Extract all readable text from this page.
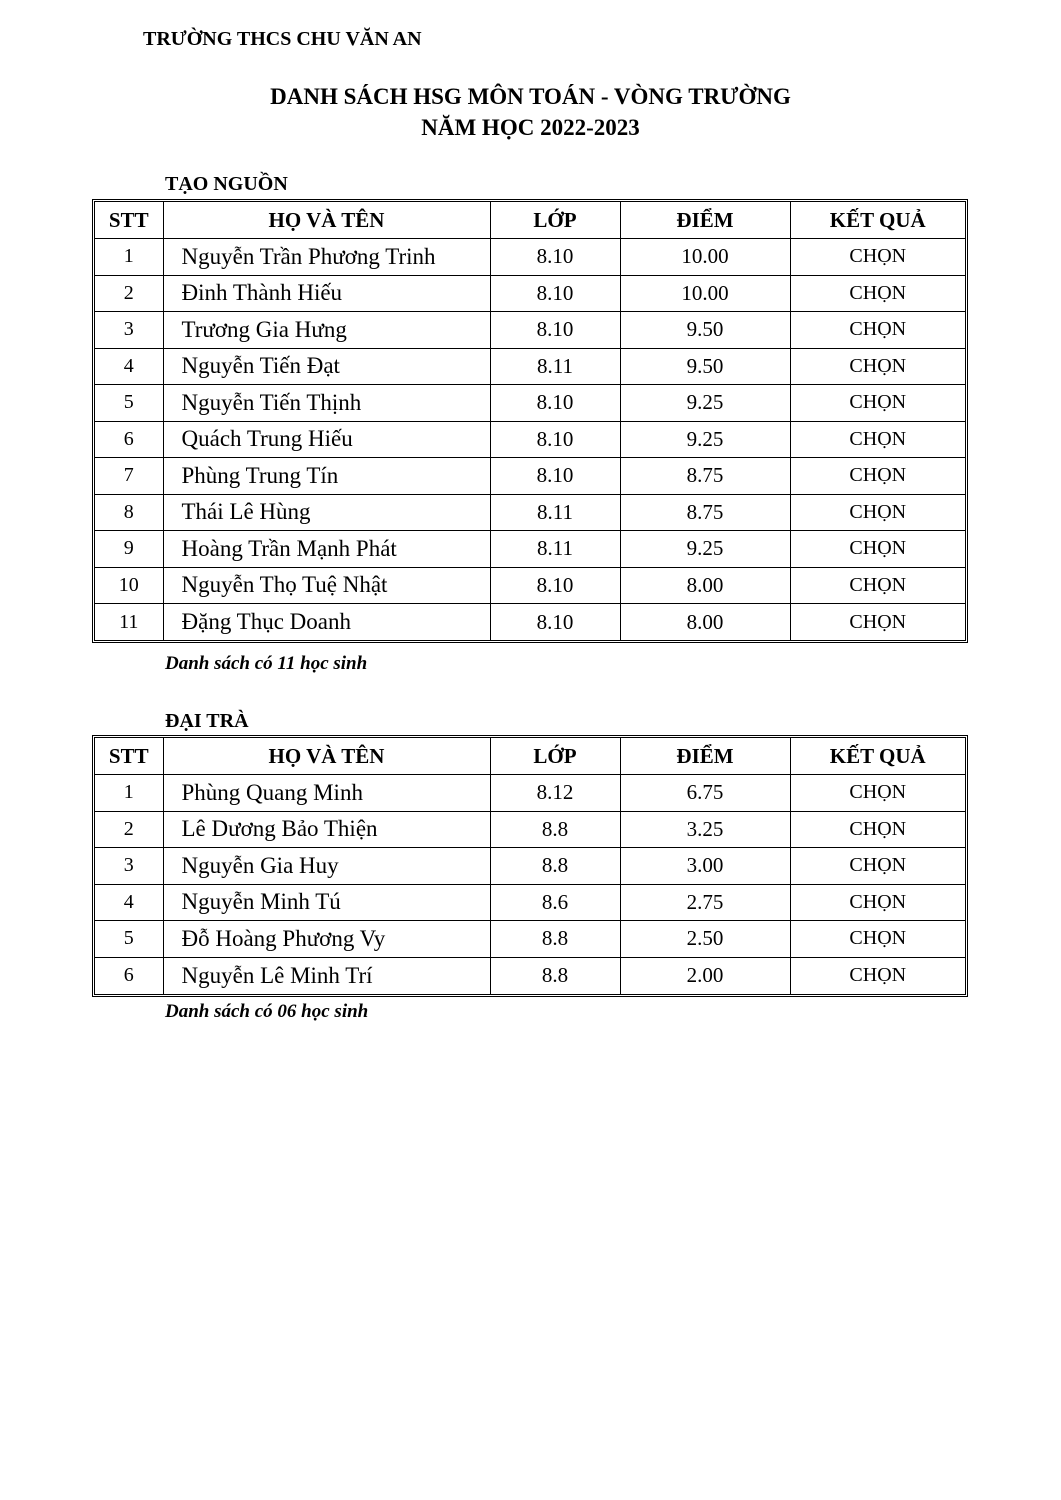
TRƯỜNG THCS CHU VĂN AN
DANH SÁCH HSG MÔN TOÁN - VÒNG TRƯỜNG
NĂM HỌC 2022-2023
TẠO NGUỒN
STT	HỌ VÀ TÊN	LỚP	ĐIỂM	KẾT QUẢ
1	Nguyễn Trần Phương Trinh	8.10	10.00	CHỌN
2	Đinh Thành Hiếu	8.10	10.00	CHỌN
3	Trương Gia Hưng	8.10	9.50	CHỌN
4	Nguyễn Tiến Đạt	8.11	9.50	CHỌN
5	Nguyễn Tiến Thịnh	8.10	9.25	CHỌN
6	Quách Trung Hiếu	8.10	9.25	CHỌN
7	Phùng Trung Tín	8.10	8.75	CHỌN
8	Thái Lê Hùng	8.11	8.75	CHỌN
9	Hoàng Trần Mạnh Phát	8.11	9.25	CHỌN
10	Nguyễn Thọ Tuệ Nhật	8.10	8.00	CHỌN
11	Đặng Thục Doanh	8.10	8.00	CHỌN
Danh sách có 11 học sinh
ĐẠI TRÀ
STT	HỌ VÀ TÊN	LỚP	ĐIỂM	KẾT QUẢ
1	Phùng Quang Minh	8.12	6.75	CHỌN
2	Lê Dương Bảo Thiện	8.8	3.25	CHỌN
3	Nguyễn Gia Huy	8.8	3.00	CHỌN
4	Nguyễn Minh Tú	8.6	2.75	CHỌN
5	Đỗ Hoàng Phương Vy	8.8	2.50	CHỌN
6	Nguyễn Lê Minh Trí	8.8	2.00	CHỌN
Danh sách có 06 học sinh
